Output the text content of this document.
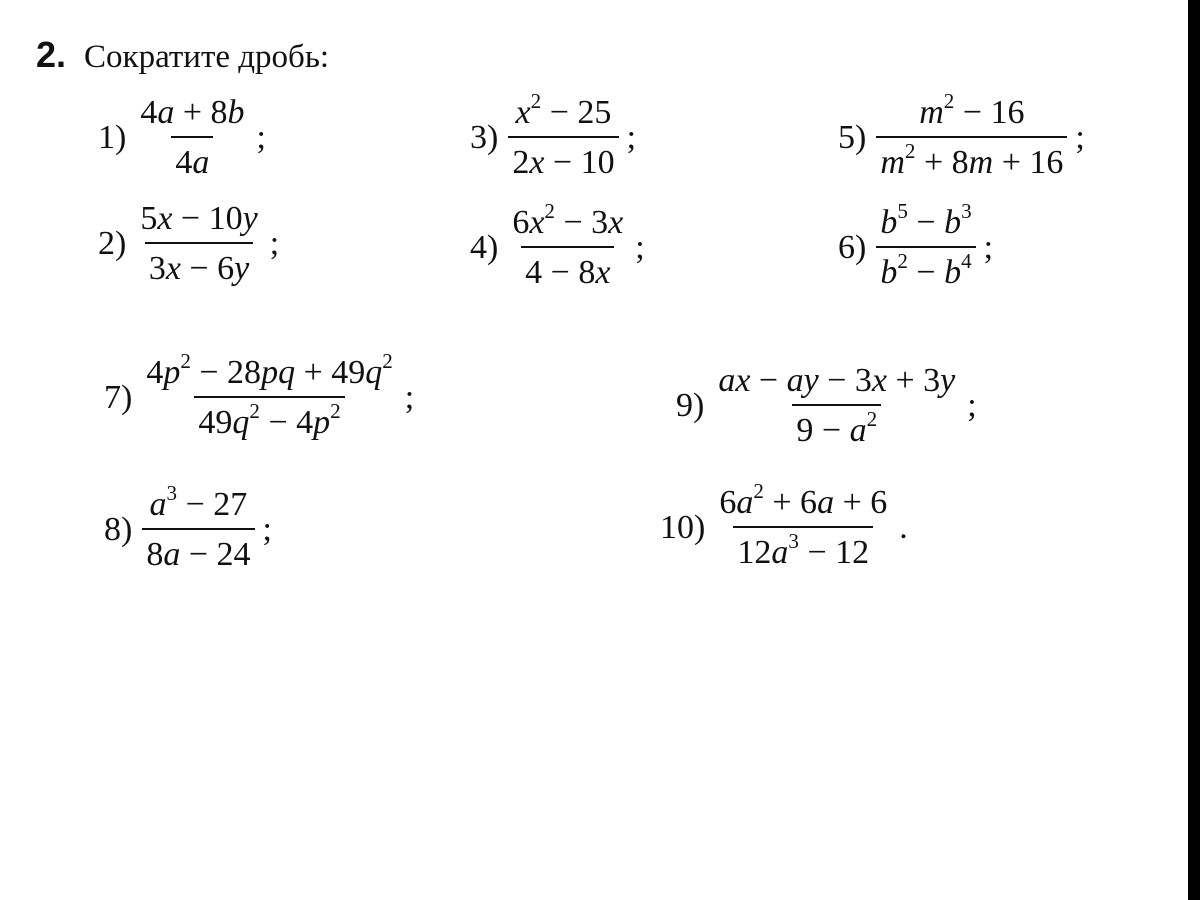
2. Сократите дробь:
$1) \frac{4a + 8b}{4a}$ ;
$2) \frac{5x - 10y}{3x - 6y}$ ;
$3) \frac{x^2 - 25}{2x - 10}$ ;
$4) \frac{6x^2 - 3x}{4 - 8x}$ ;
$5) \frac{m^2 - 16}{m^2 + 8m + 16}$ ;
$6) \frac{b^5 - b^3}{b^2 - b^4}$ ;
$7) \frac{4p^2 - 28pq + 49q^2}{49q^2 - 4p^2}$ ;
$8) \frac{a^3 - 27}{8a - 24}$ ;
$9) \frac{ax - ay - 3x + 3y}{9 - a^2}$ ;
$10) \frac{6a^2 + 6a + 6}{12a^3 - 12}$ .
